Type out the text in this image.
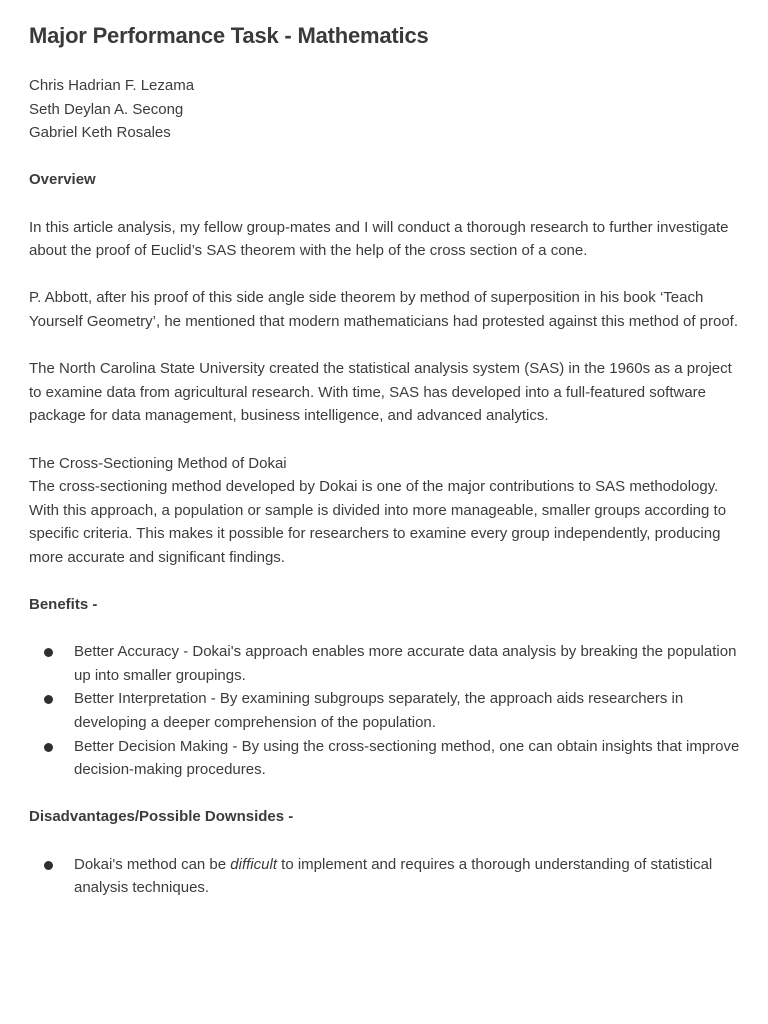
Major Performance Task - Mathematics
Chris Hadrian F. Lezama
Seth Deylan A. Secong
Gabriel Keth Rosales

Overview

In this article analysis, my fellow group-mates and I will conduct a thorough research to further investigate about the proof of Euclid’s SAS theorem with the help of the cross section of a cone.

P. Abbott, after his proof of this side angle side theorem by method of superposition in his book ‘Teach Yourself Geometry’, he mentioned that modern mathematicians had protested against this method of proof.

The North Carolina State University created the statistical analysis system (SAS) in the 1960s as a project to examine data from agricultural research. With time, SAS has developed into a full-featured software package for data management, business intelligence, and advanced analytics.

The Cross-Sectioning Method of Dokai

The cross-sectioning method developed by Dokai is one of the major contributions to SAS methodology. With this approach, a population or sample is divided into more manageable, smaller groups according to specific criteria. This makes it possible for researchers to examine every group independently, producing more accurate and significant findings.

Benefits -

Better Accuracy - Dokai's approach enables more accurate data analysis by breaking the population up into smaller groupings.
Better Interpretation - By examining subgroups separately, the approach aids researchers in developing a deeper comprehension of the population.
Better Decision Making - By using the cross-sectioning method, one can obtain insights that improve decision-making procedures.

Disadvantages/Possible Downsides -

Dokai's method can be difficult to implement and requires a thorough understanding of statistical analysis techniques.
